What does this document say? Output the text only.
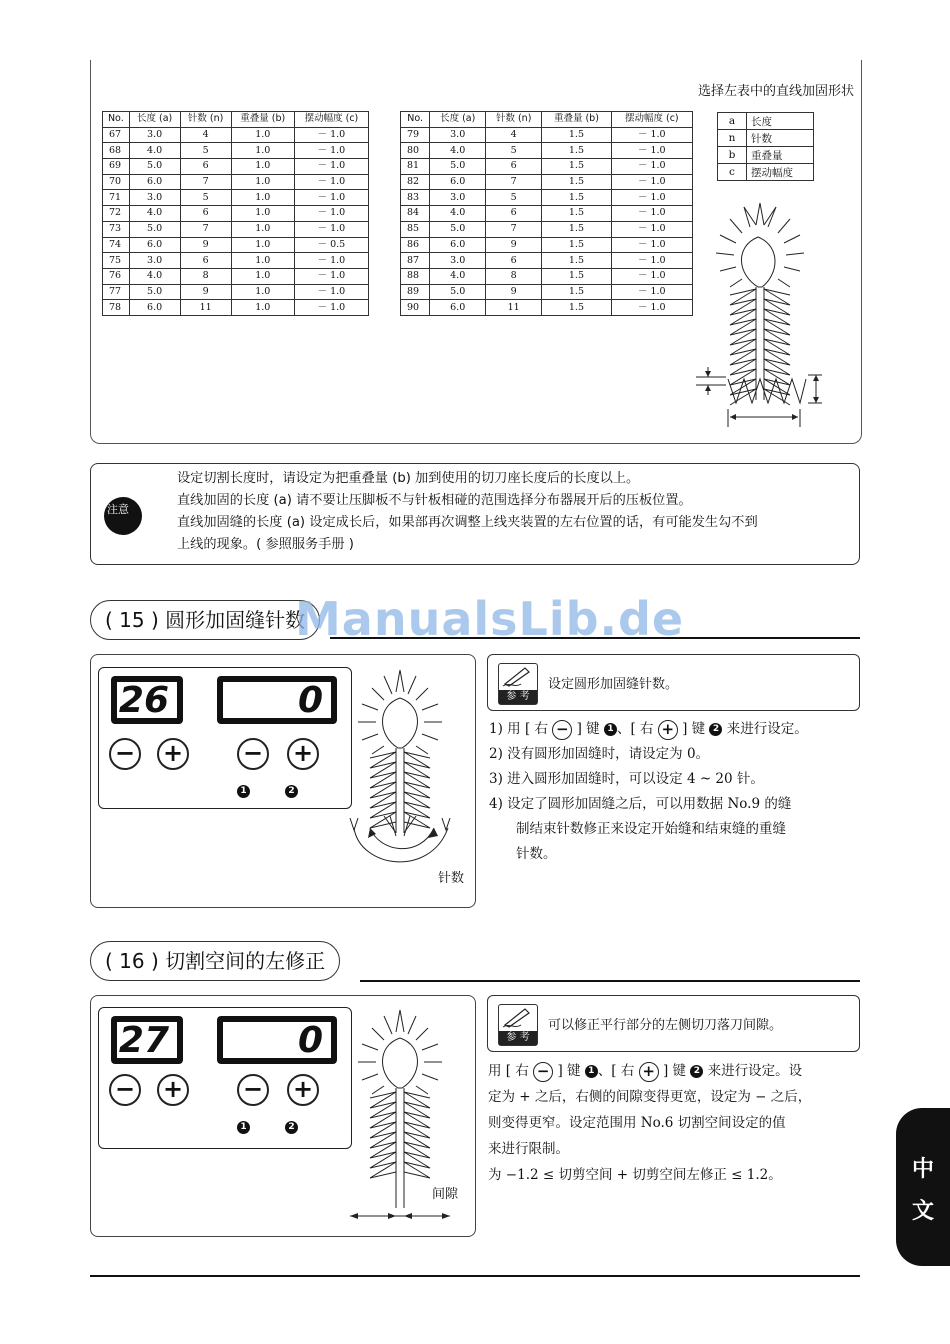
选择左表中的直线加固形状
No.	长度 (a)	针数 (n)	重叠量 (b)	摆动幅度 (c)
67	3.0	4	1.0	－ 1.0
68	4.0	5	1.0	－ 1.0
69	5.0	6	1.0	－ 1.0
70	6.0	7	1.0	－ 1.0
71	3.0	5	1.0	－ 1.0
72	4.0	6	1.0	－ 1.0
73	5.0	7	1.0	－ 1.0
74	6.0	9	1.0	－ 0.5
75	3.0	6	1.0	－ 1.0
76	4.0	8	1.0	－ 1.0
77	5.0	9	1.0	－ 1.0
78	6.0	11	1.0	－ 1.0
No.	长度 (a)	针数 (n)	重叠量 (b)	摆动幅度 (c)
79	3.0	4	1.5	－ 1.0
80	4.0	5	1.5	－ 1.0
81	5.0	6	1.5	－ 1.0
82	6.0	7	1.5	－ 1.0
83	3.0	5	1.5	－ 1.0
84	4.0	6	1.5	－ 1.0
85	5.0	7	1.5	－ 1.0
86	6.0	9	1.5	－ 1.0
87	3.0	6	1.5	－ 1.0
88	4.0	8	1.5	－ 1.0
89	5.0	9	1.5	－ 1.0
90	6.0	11	1.5	－ 1.0
a	长度
n	针数
b	重叠量
c	摆动幅度

设定切割长度时，请设定为把重叠量 (b) 加到使用的切刀座长度后的长度以上。

直线加固的长度 (a) 请不要让压脚板不与针板相碰的范围选择分布器展开后的压板位置。

直线加固缝的长度 (a) 设定成长后，如果部再次调整上线夹装置的左右位置的话，有可能发生勾不到

上线的现象。( 参照服务手册 )

注意
( 15 ) 圆形加固缝针数
ManualsLib.de
26	0
− + − +
1	2
针数
参 考
设定圆形加固缝针数。
1) 用 [ 右 − ] 键 1 、[ 右 + ] 键 2 来进行设定。
2) 没有圆形加固缝时，请设定为 0。
3) 进入圆形加固缝时，可以设定 4 ~ 20 针。
4) 设定了圆形加固缝之后，可以用数据 No.9 的缝
制结束针数修正来设定开始缝和结束缝的重缝
针数。
( 16 ) 切割空间的左修正
27	0
− + − +
1	2
间隙
参 考
可以修正平行部分的左侧切刀落刀间隙。
用 [ 右 − ] 键 1 、[ 右 + ] 键 2 来进行设定。设
定为 + 之后，右侧的间隙变得更宽，设定为 − 之后，
则变得更窄。设定范围用 No.6 切割空间设定的值
来进行限制。
为 −1.2 ≤ 切剪空间 + 切剪空间左修正 ≤ 1.2。	中
文
